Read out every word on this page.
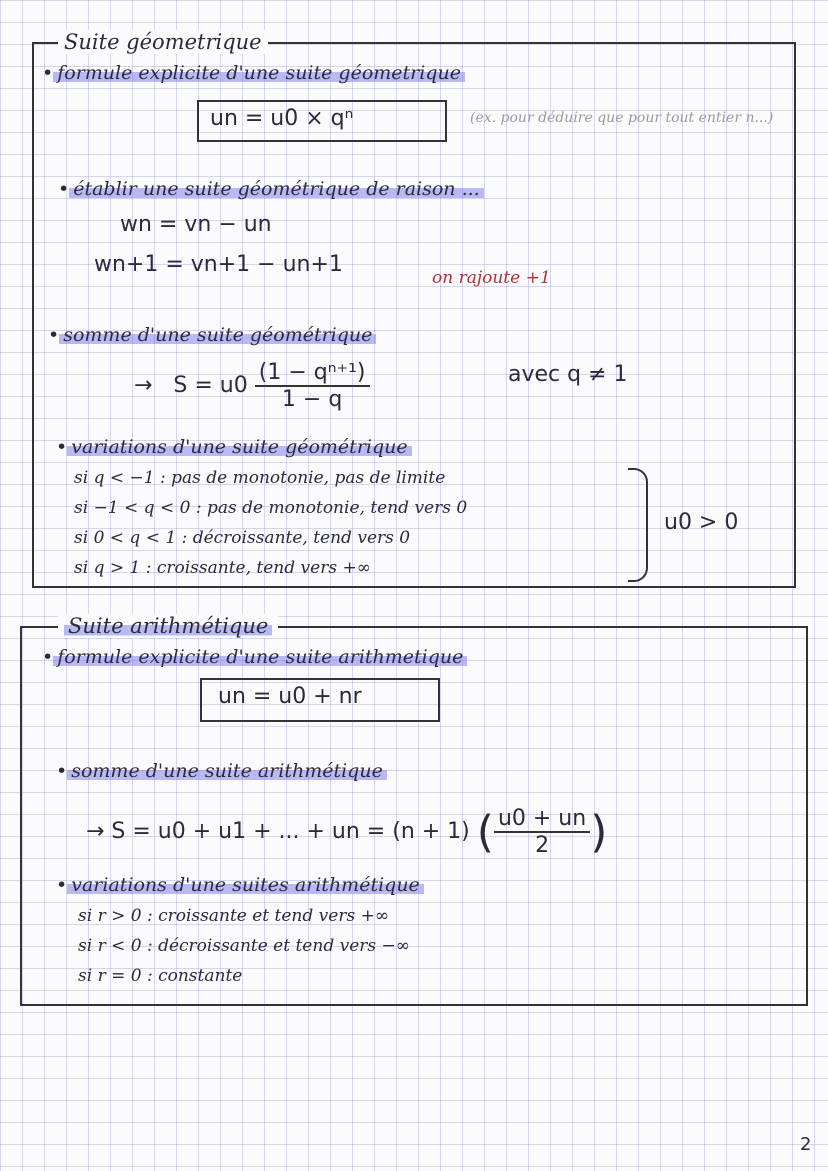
Suite géometrique
• formule explicite d'une suite géometrique
un = u0 × qⁿ	(ex. pour déduire que pour tout entier n...)
• établir une suite géométrique de raison ...
wn = vn − un
wn+1 = vn+1 − un+1
on rajoute +1
• somme d'une suite géométrique
→ $S = u0 \frac{\text{(1 − qⁿ⁺¹)}}{1 - q}$	avec q ≠ 1
• variations d'une suite géométrique
si q < −1 : pas de monotonie, pas de limite
si −1 < q < 0 : pas de monotonie, tend vers 0
si 0 < q < 1 : décroissante, tend vers 0
si q > 1 : croissante, tend vers +∞
u0 > 0
Suite arithmétique
• formule explicite d'une suite arithmetique
un = u0 + nr
• somme d'une suite arithmétique
→ S = u0 + u1 + ... + un = (n + 1) ( $\frac{u0 + un}{2}$ )
• variations d'une suites arithmétique
si r > 0 : croissante et tend vers +∞
si r < 0 : décroissante et tend vers −∞
si r = 0 : constante
2
